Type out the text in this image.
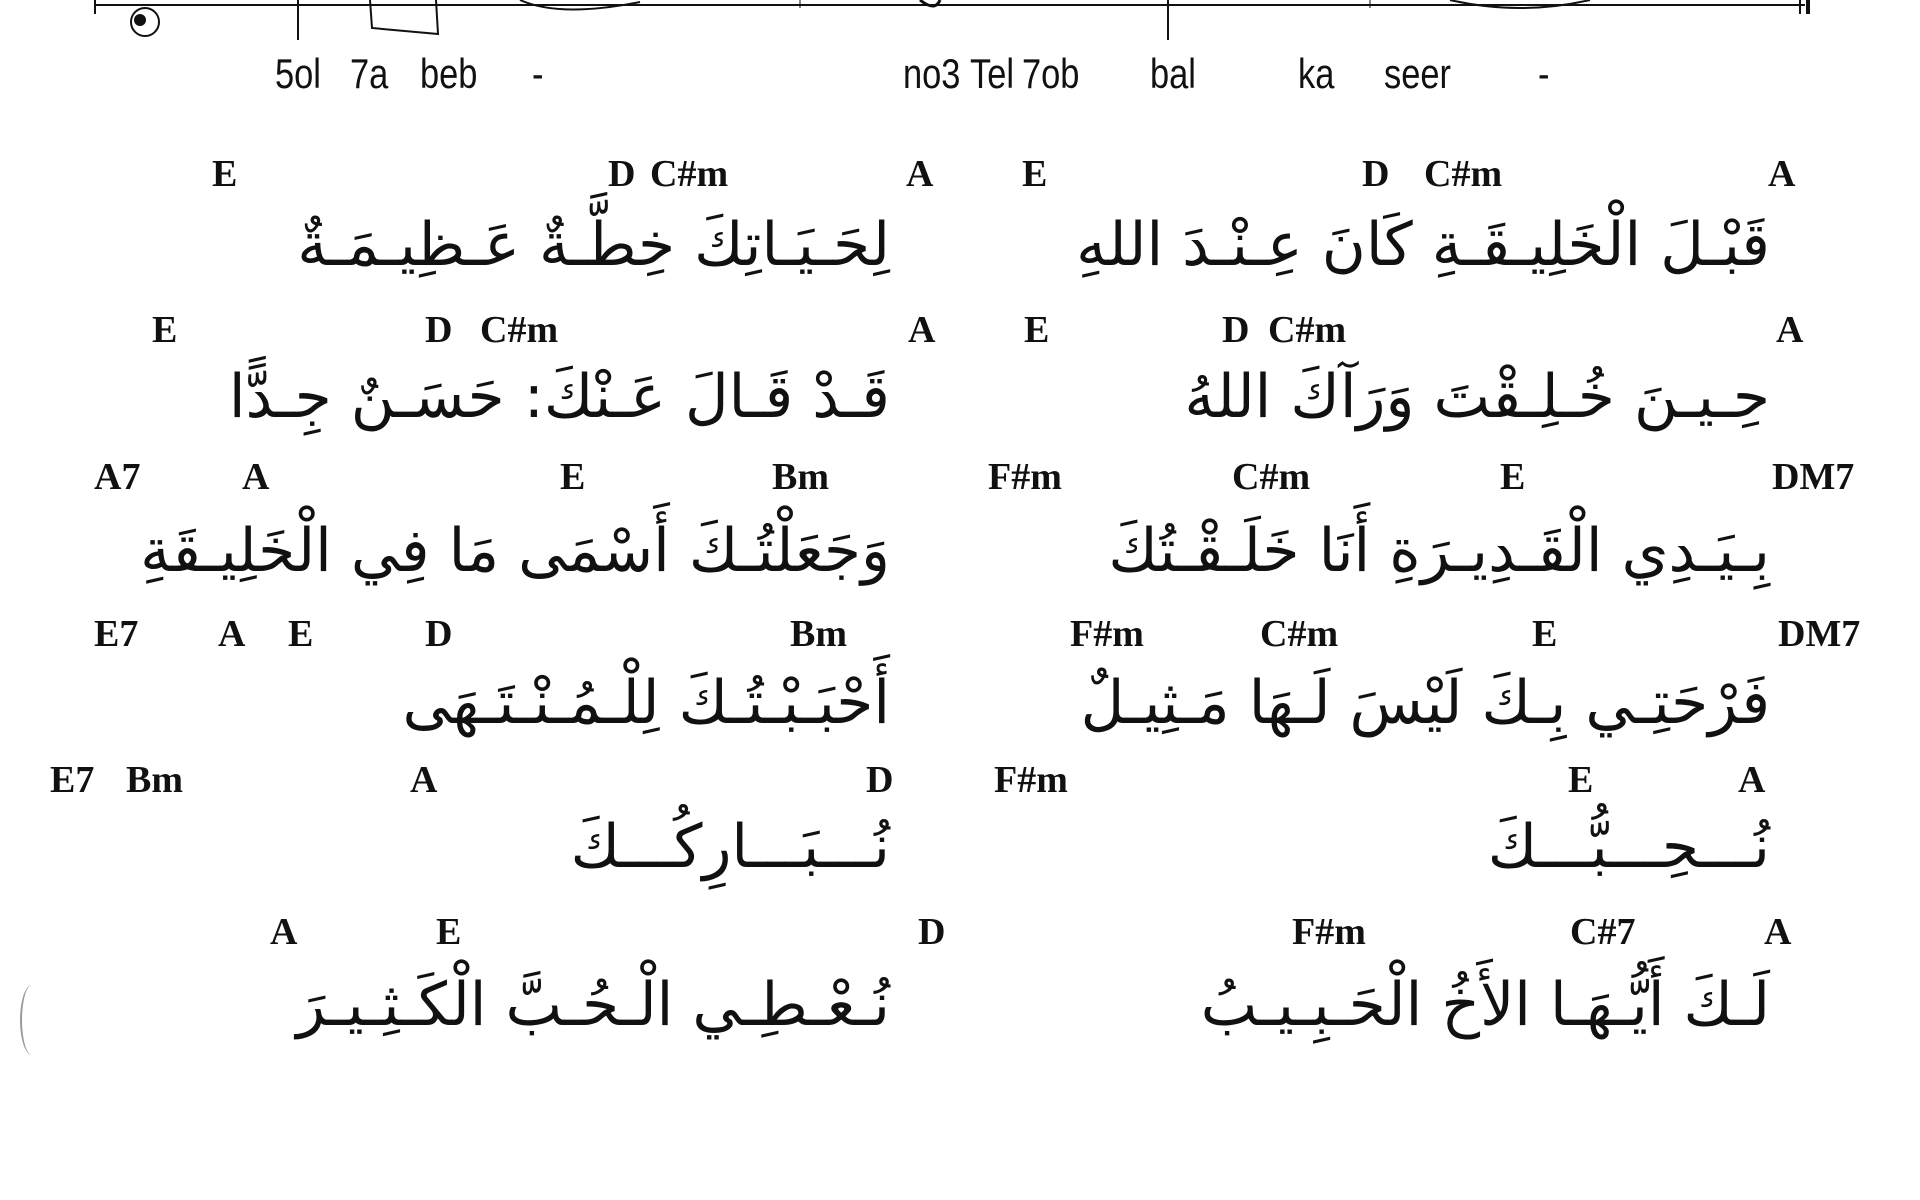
5ol 7a beb -	no3 Tel 7ob bal ka seer -
E	D C#m	A E	D C#m	A
لِحَـيَـاتِكَ خِطَّـةٌ عَـظِيـمَـةٌ	قَبْـلَ الْخَلِيـقَـةِ كَانَ عِـنْـدَ اللهِ
E	D C#m	A E	D C#m	A
قَـدْ قَـالَ عَـنْكَ: حَسَـنٌ جِـدًّا	حِـيـنَ خُـلِـقْتَ وَرَآكَ اللهُ
A7	A	E	Bm	F#m	C#m	E	DM7
وَجَعَلْتُـكَ أَسْمَى مَا فِي الْخَلِيـقَةِ	بِـيَـدِي الْقَـدِيـرَةِ أَنَا خَلَـقْـتُكَ
E7 A E	D	Bm	F#m	C#m	E	DM7
أَحْبَـبْـتُـكَ لِلْـمُـنْـتَـهَى	فَرْحَتِـي بِـكَ لَيْسَ لَـهَا مَـثِيـلٌ
E7 Bm	A	D	F#m	E	A
نُـــبَـــارِكُـــكَ	نُـــحِـــبُّـــكَ
A	E	D	F#m	C#7	A
نُـعْـطِـي الْـحُـبَّ الْكَـثِـيـرَ	لَـكَ أَيُّـهَـا الأَخُ الْحَـبِـيـبُ
